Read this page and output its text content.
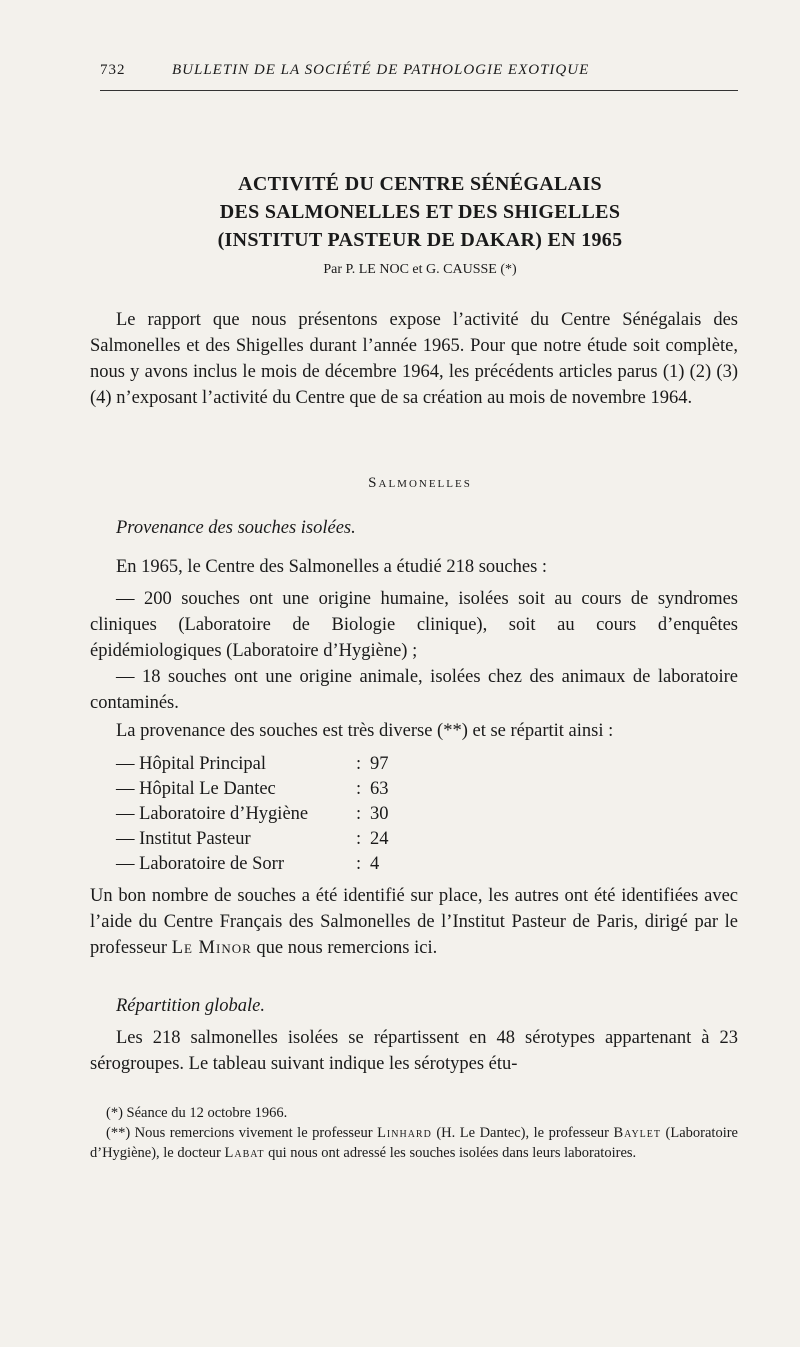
732	BULLETIN DE LA SOCIÉTÉ DE PATHOLOGIE EXOTIQUE
ACTIVITÉ DU CENTRE SÉNÉGALAIS
DES SALMONELLES ET DES SHIGELLES
(INSTITUT PASTEUR DE DAKAR) EN 1965
Par P. LE NOC et G. CAUSSE (*)

Le rapport que nous présentons expose l’activité du Centre Sénégalais des Salmonelles et des Shigelles durant l’année 1965. Pour que notre étude soit complète, nous y avons inclus le mois de décembre 1964, les précédents articles parus (1) (2) (3) (4) n’exposant l’activité du Centre que de sa création au mois de novembre 1964.

Salmonelles
Provenance des souches isolées.

En 1965, le Centre des Salmonelles a étudié 218 souches :

— 200 souches ont une origine humaine, isolées soit au cours de syndromes cliniques (Laboratoire de Biologie clinique), soit au cours d’enquêtes épidémiologiques (Laboratoire d’Hygiène) ;

— 18 souches ont une origine animale, isolées chez des animaux de laboratoire contaminés.

La provenance des souches est très diverse (**) et se répartit ainsi :

— Hôpital Principal	: 97
— Hôpital Le Dantec	: 63
— Laboratoire d’Hygiène	: 30
— Institut Pasteur	: 24
— Laboratoire de Sorr	: 4

Un bon nombre de souches a été identifié sur place, les autres ont été identifiées avec l’aide du Centre Français des Salmonelles de l’Institut Pasteur de Paris, dirigé par le professeur Le Minor que nous remercions ici.

Répartition globale.

Les 218 salmonelles isolées se répartissent en 48 sérotypes appartenant à 23 sérogroupes. Le tableau suivant indique les sérotypes étu-

(*) Séance du 12 octobre 1966.

(**) Nous remercions vivement le professeur Linhard (H. Le Dantec), le professeur Baylet (Laboratoire d’Hygiène), le docteur Labat qui nous ont adressé les souches isolées dans leurs laboratoires.
